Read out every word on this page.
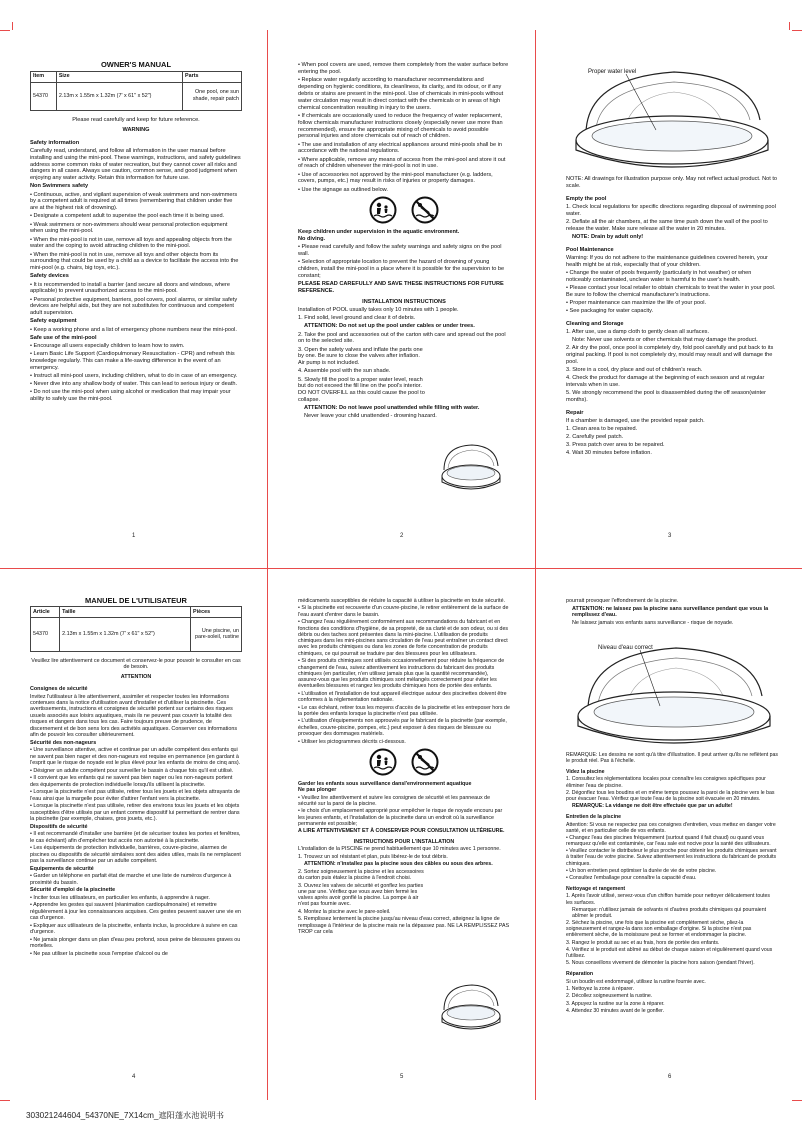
OWNER'S MANUAL
Item	Size	Parts
54370	2.13m x 1.55m x 1.32m (7' x 61" x 52")	One pool, one sun shade, repair patch

Please read carefully and keep for future reference.

WARNING

Safety information

Carefully read, understand, and follow all information in the user manual before installing and using the mini-pool. These warnings, instructions, and safety guidelines address some common risks of water recreation, but they cannot cover all risks and dangers in all cases. Always use caution, common sense, and good judgment when enjoying any water activity. Retain this information for future use.

Non Swimmers safety

• Continuous, active, and vigilant supervision of weak swimmers and non-swimmers by a competent adult is required at all times (remembering that children under five are at the highest risk of drowning).

• Designate a competent adult to supervise the pool each time it is being used.

• Weak swimmers or non-swimmers should wear personal protection equipment when using the mini-pool.

• When the mini-pool is not in use, remove all toys and appealing objects from the water and the coping to avoid attracting children to the mini-pool.

• When the mini-pool is not in use, remove all toys and other objects from its surrounding that could be used by a child as a device to facilitate the access into the mini-pool (e.g. chairs, big toys, etc.).

Safety devices

• It is recommended to install a barrier (and secure all doors and windows, where applicable) to prevent unauthorized access to the mini-pool.

• Personal protective equipment, barriers, pool covers, pool alarms, or similar safety devices are helpful aids, but they are not substitutes for continuous and competent adult supervision.

Safety equipment

• Keep a working phone and a list of emergency phone numbers near the mini-pool.

Safe use of the mini-pool

• Encourage all users especially children to learn how to swim.

• Learn Basic Life Support (Cardiopulmonary Resuscitation - CPR) and refresh this knowledge regularly. This can make a life-saving difference in the event of an emergency.

• Instruct all mini-pool users, including children, what to do in case of an emergency.

• Never dive into any shallow body of water. This can lead to serious injury or death.

• Do not use the mini-pool when using alcohol or medication that may impair your ability to safely use the mini-pool.

1

• When pool covers are used, remove them completely from the water surface before entering the pool.

• Replace water regularly according to manufacturer recommendations and depending on hygienic conditions, its cleanliness, its clarity, and its odour, or if any debris or stains are present in the mini-pool. Use of chemicals in mini-pools without water circulation may result in direct contact with the chemicals or in areas of high chemical concentration resulting in injury to the users.

• If chemicals are occasionally used to reduce the frequency of water replacement, follow chemicals manufacturer instructions closely (especially never use more than recommended), ensure the appropriate mixing of chemicals to avoid possible personal injuries and store chemicals out of reach of children.

• The use and installation of any electrical appliances around mini-pools shall be in accordance with the national regulations.

• Where applicable, remove any means of access from the mini-pool and store it out of reach of children whenever the mini-pool is not in use.

• Use of accessories not approved by the mini-pool manufacturer (e.g. ladders, covers, pumps, etc.) may result in risks of injuries or property damages.

• Use the signage as outlined below.

Keep children under supervision in the aquatic environment.

No diving.

• Please read carefully and follow the safety warnings and safety signs on the pool wall.

• Selection of appropriate location to prevent the hazard of drowning of young children, install the mini-pool in a place where it is possible for the supervision to be constant;

PLEASE READ CAREFULLY AND SAVE THESE INSTRUCTIONS FOR FUTURE REFERENCE.

INSTALLATION INSTRUCTIONS

Installation of POOL usually takes only 10 minutes with 1 people.

1. Find solid, level ground and clear it of debris.

ATTENTION: Do not set up the pool under cables or under trees.

2. Take the pool and accessories out of the carton with care and spread out the pool on to the selected site.

3. Open the safety valves and inflate the parts one by one. Be sure to close the valves after inflation. Air pump is not included.

4. Assemble pool with the sun shade.

5. Slowly fill the pool to a proper water level, reach but do not exceed the fill line on the pool's interior. DO NOT OVERFILL as this could cause the pool to collapse.

ATTENTION: Do not leave pool unattended while filling with water.

Never leave your child unattended - drowning hazard.

2
Proper water level

NOTE: All drawings for illustration purpose only. May not reflect actual product. Not to scale.

Empty the pool

1. Check local regulations for specific directions regarding disposal of swimming pool water.

2. Deflate all the air chambers, at the same time push down the wall of the pool to release the water. Make sure release all the water in 20 minutes.

NOTE: Drain by adult only!

Pool Maintenance

Warning: If you do not adhere to the maintenance guidelines covered herein, your health might be at risk, especially that of your children.

• Change the water of pools frequently (particularly in hot weather) or when noticeably contaminated, unclean water is harmful to the user's health.

• Please contact your local retailer to obtain chemicals to treat the water in your pool. Be sure to follow the chemical manufacturer's instructions.

• Proper maintenance can maximize the life of your pool.

• See packaging for water capacity.

Cleaning and Storage

1. After use, use a damp cloth to gently clean all surfaces.

Note: Never use solvents or other chemicals that may damage the product.

2. Air dry the pool, once pool is completely dry, fold pool carefully and put back to its original packing. If pool is not completely dry, mould may result and will damage the pool.

3. Store in a cool, dry place and out of children's reach.

4. Check the product for damage at the beginning of each season and at regular intervals when in use.

5. We strongly recommend the pool is disassembled during the off season(winter months).

Repair

If a chamber is damaged, use the provided repair patch.

1. Clean area to be repaired.

2. Carefully peel patch.

3. Press patch over area to be repaired.

4. Wait 30 minutes before inflation.

3
MANUEL DE L'UTILISATEUR
Article	Taille	Pièces
54370	2.13m x 1.55m x 1.32m (7' x 61" x 52")	Une piscine, un pare-soleil, rustine

Veuillez lire attentivement ce document et conservez-le pour pouvoir le consulter en cas de besoin.

ATTENTION

Consignes de sécurité

Invitez l'utilisateur à lire attentivement, assimiler et respecter toutes les informations contenues dans la notice d'utilisation avant d'installer et d'utiliser la piscinette. Ces avertissements, instructions et consignes de sécurité portent sur certains des risques usuels associés aux loisirs aquatiques, mais ils ne peuvent pas couvrir la totalité des risques et dangers dans tous les cas. Faire toujours preuve de prudence, de discernement et de bon sens lors des activités aquatiques. Conserver ces informations afin de pouvoir les consulter ultérieurement.

Sécurité des non-nageurs

• Une surveillance attentive, active et continue par un adulte compétent des enfants qui ne savent pas bien nager et des non-nageurs est requise en permanence (en gardant à l'esprit que le risque de noyade est le plus élevé pour les enfants de moins de cinq ans).

• Désigner un adulte compétent pour surveiller le bassin à chaque fois qu'il est utilisé.

• Il convient que les enfants qui ne savent pas bien nager ou les non-nageurs portent des équipements de protection individuelle lorsqu'ils utilisent la piscinette.

• Lorsque la piscinette n'est pas utilisée, retirer tous les jouets et les objets attrayants de l'eau ainsi que la margelle pour éviter d'attirer l'enfant vers la piscinette.

• Lorsque la piscinette n'est pas utilisée, retirer des environs tous les jouets et les objets susceptibles d'être utilisés par un enfant comme dispositif lui permettant de rentrer dans la piscinette (par exemple, chaises, gros jouets, etc.).

Dispositifs de sécurité

• Il est recommandé d'installer une barrière (et de sécuriser toutes les portes et fenêtres, le cas échéant) afin d'empêcher tout accès non autorisé à la piscinette.

• Les équipements de protection individuelle, barrières, couvre-piscine, alarmes de piscines ou dispositifs de sécurité similaires sont des aides utiles, mais ils ne remplacent pas la surveillance continue par un adulte compétent.

Equipements de sécurité

• Garder un téléphone en parfait état de marche et une liste de numéros d'urgence à proximité du bassin.

Sécurité d'emploi de la piscinette

• Inciter tous les utilisateurs, en particulier les enfants, à apprendre à nager.

• Apprendre les gestes qui sauvent (réanimation cardiopulmonaire) et remettre régulièrement à jour les connaissances acquises. Ces gestes peuvent sauver une vie en cas d'urgence.

• Expliquer aux utilisateurs de la piscinette, enfants inclus, la procédure à suivre en cas d'urgence.

• Ne jamais plonger dans un plan d'eau peu profond, sous peine de blessures graves ou mortelles.

• Ne pas utiliser la piscinette sous l'emprise d'alcool ou de

4

médicaments susceptibles de réduire la capacité à utiliser la piscinette en toute sécurité.

• Si la piscinette est recouverte d'un couvre-piscine, le retirer entièrement de la surface de l'eau avant d'entrer dans le bassin.

• Changez l'eau régulièrement conformément aux recommandations du fabricant et en fonctions des conditions d'hygiène, de sa propreté, de sa clarté et de son odeur, ou si des débris ou des taches sont présentes dans la mini-piscine. L'utilisation de produits chimiques dans les mini-piscines sans circulation de l'eau peut entraîner un contact direct avec les produits chimiques ou dans les zones de forte concentration de produits chimiques, ce qui pourrait se traduire par des blessures pour les utilisateurs.

• Si des produits chimiques sont utilisés occasionnellement pour réduire la fréquence de changement de l'eau, suivez attentivement les instructions du fabricant des produits chimiques (en particulier, n'en utilisez jamais plus que la quantité recommandée), assurez-vous que les produits chimiques sont mélangés correctement pour éviter les éventuelles blessures et rangez les produits chimiques hors de portée des enfants.

• L'utilisation et l'installation de tout appareil électrique autour des piscinettes doivent être conformes à la réglementation nationale.

• Le cas échéant, retirer tous les moyens d'accès de la piscinette et les entreposer hors de la portée des enfants lorsque la piscinette n'est pas utilisée.

• L'utilisation d'équipements non approuvés par le fabricant de la piscinette (par exemple, échelles, couvre-piscine, pompes, etc.) peut exposer à des risques de blessure ou provoquer des dommages matériels.

• Utiliser les pictogrammes décrits ci-dessous.

Garder les enfants sous surveillance dansl'environnement aquatique

Ne pas plonger

• Veuillez lire attentivement et suivre les consignes de sécurité et les panneaux de sécurité sur la paroi de la piscine.

• le choix d'un emplacement approprié pour empêcher le risque de noyade encouru par les jeunes enfants, et l'installation de la piscinette dans un endroit où la surveillance permanente est possible;

A LIRE ATTENTIVEMENT ET À CONSERVER POUR CONSULTATION ULTÉRIEURE.

INSTRUCTIONS POUR L'INSTALLATION

L'installation de la PISCINE ne prend habituellement que 10 minutes avec 1 personne.

1. Trouvez un sol résistant et plan, puis libérez-le de tout débris.

ATTENTION: n'installez pas la piscine sous des câbles ou sous des arbres.

2. Sortez soigneusement la piscine et les accessoires du carton puis étalez la piscine à l'endroit choisi.

3. Ouvrez les valves de sécurité et gonflez les parties une par une. Vérifiez que vous avez bien fermé les valves après avoir gonflé la piscine. La pompe à air n'est pas fournie avec.

4. Montez la piscine avec le pare-soleil.

5. Remplissez lentement la piscine jusqu'au niveau d'eau correct, atteignez la ligne de remplissage à l'intérieur de la piscine mais ne la dépassez pas. NE LA REMPLISSEZ PAS TROP car cela

5

pourrait provoquer l'effondrement de la piscine.

ATTENTION: ne laissez pas la piscine sans surveillance pendant que vous la remplissez d'eau.

Ne laissez jamais vos enfants sans surveillance - risque de noyade.

Niveau d'eau correct

REMARQUE: Les dessins ne sont qu'à titre d'illustration. Il peut arriver qu'ils ne reflètent pas le produit réel. Pas à l'échelle.

Videz la piscine

1. Consultez les réglementations locales pour connaître les consignes spécifiques pour éliminer l'eau de piscine.

2. Dégonflez tous les boudins et en même temps poussez la paroi de la piscine vers le bas pour évacuer l'eau. Vérifiez que toute l'eau de la piscine soit évacuée en 20 minutes.

REMARQUE: La vidange ne doit être effectuée que par un adulte!

Entretien de la piscine

Attention: Si vous ne respectez pas ces consignes d'entretien, vous mettez en danger votre santé, et en particulier celle de vos enfants.

• Changez l'eau des piscines fréquemment (surtout quand il fait chaud) ou quand vous remarquez qu'elle est contaminée, car l'eau sale est nocive pour la santé des utilisateurs.

• Veuillez contacter le distributeur le plus proche pour obtenir les produits chimiques servant à traiter l'eau de votre piscine. Suivez attentivement les instructions du fabricant de produits chimiques.

• Un bon entretien peut optimiser la durée de vie de votre piscine.

• Consultez l'emballage pour connaître la capacité d'eau.

Nettoyage et rangement

1. Après l'avoir utilisé, servez-vous d'un chiffon humide pour nettoyer délicatement toutes les surfaces.

Remarque: n'utilisez jamais de solvants ni d'autres produits chimiques qui pourraient abîmer le produit.

2. Séchez la piscine, une fois que la piscine est complètement sèche, pliez-la soigneusement et rangez-la dans son emballage d'origine. Si la piscine n'est pas entièrement sèche, de la moisissure peut se former et endommager la piscine.

3. Rangez le produit au sec et au frais, hors de portée des enfants.

4. Vérifiez si le produit est abîmé au début de chaque saison et régulièrement quand vous l'utilisez.

5. Nous conseillons vivement de démonter la piscine hors saison (pendant l'hiver).

Réparation

Si un boudin est endommagé, utilisez la rustine fournie avec.

1. Nettoyez la zone à réparer.

2. Décollez soigneusement la rustine.

3. Appuyez la rustine sur la zone à réparer.

4. Attendez 30 minutes avant de le gonfler.

6
303021244604_54370NE_7X14cm_遮阳蓬水池说明书
